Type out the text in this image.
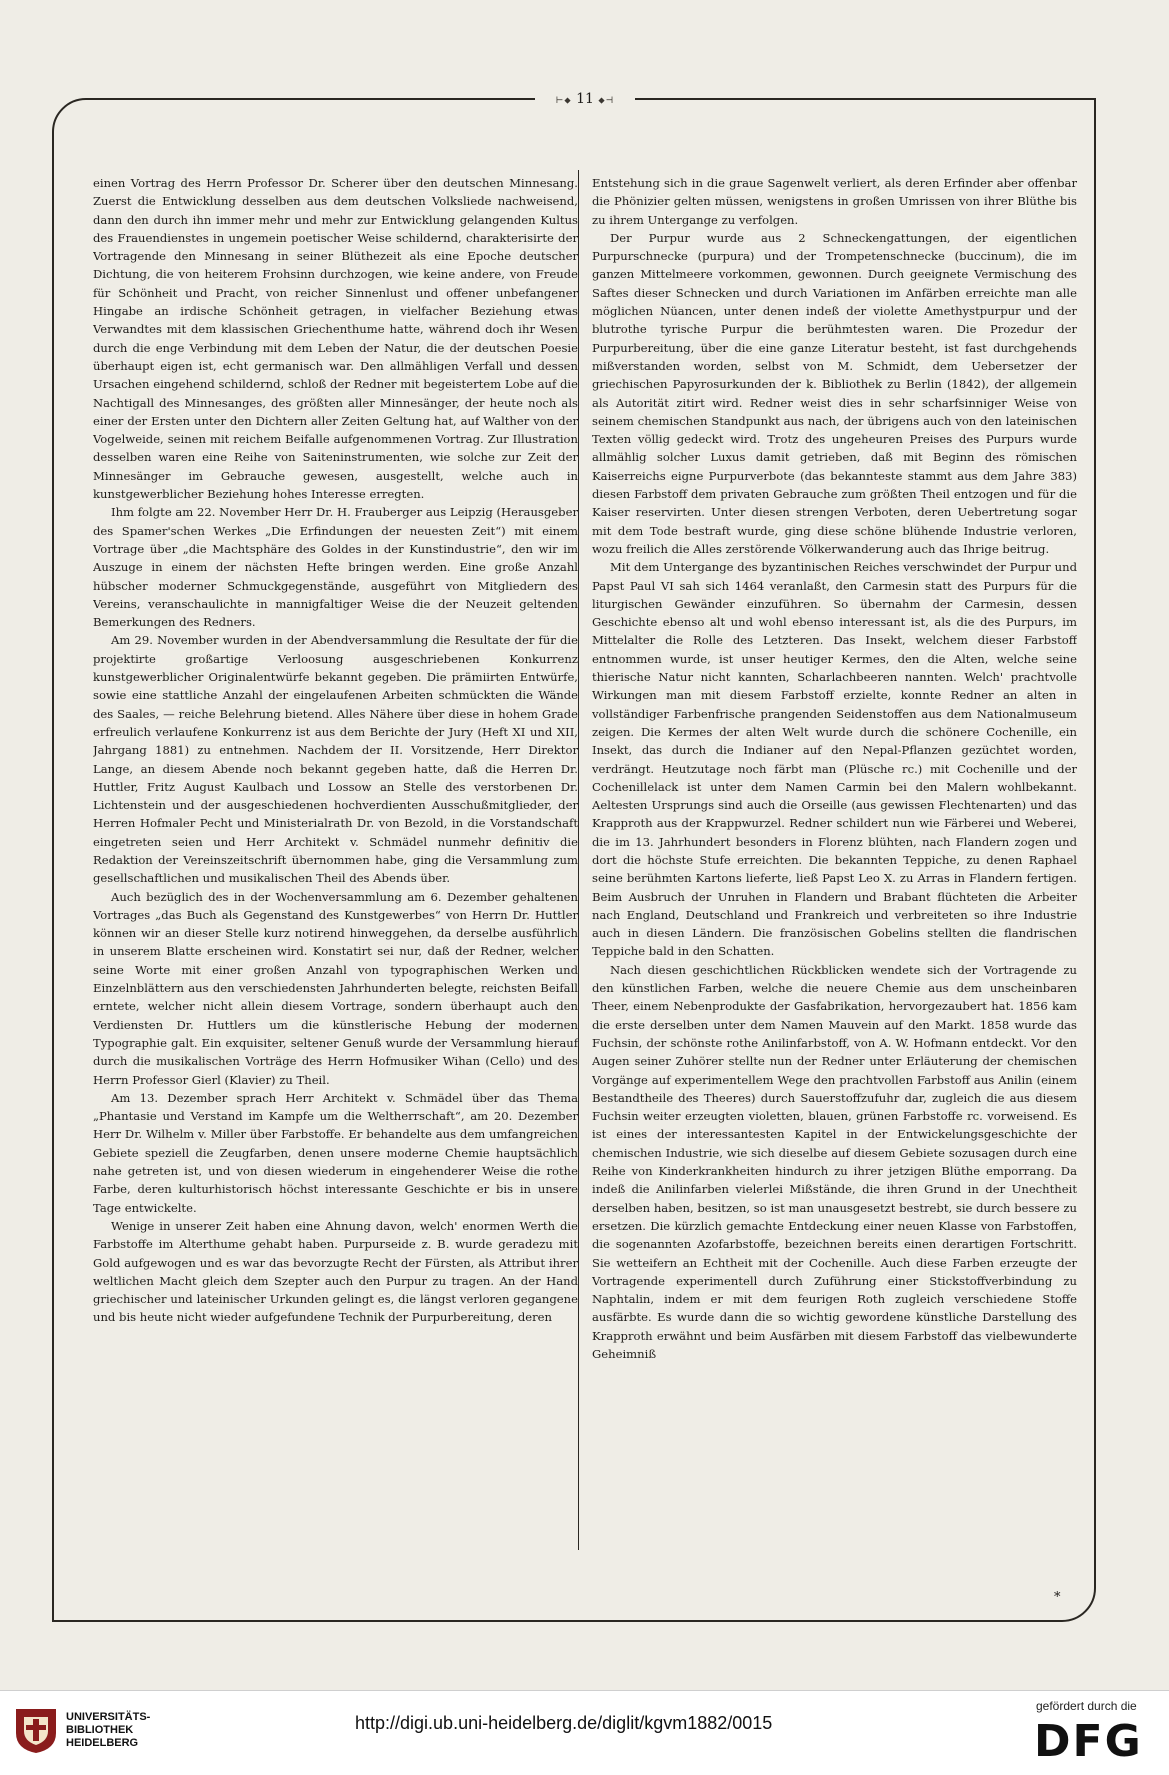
⊢⬥ 11 ⬥⊣

einen Vortrag des Herrn Professor Dr. Scherer über den deutschen Minnesang. Zuerst die Entwicklung desselben aus dem deutschen Volksliede nachweisend, dann den durch ihn immer mehr und mehr zur Entwicklung gelangenden Kultus des Frauendienstes in ungemein poetischer Weise schildernd, charakterisirte der Vortragende den Minnesang in seiner Blüthezeit als eine Epoche deutscher Dichtung, die von heiterem Frohsinn durchzogen, wie keine andere, von Freude für Schönheit und Pracht, von reicher Sinnenlust und offener unbefangener Hingabe an irdische Schönheit getragen, in vielfacher Beziehung etwas Verwandtes mit dem klassischen Griechenthume hatte, während doch ihr Wesen durch die enge Verbindung mit dem Leben der Natur, die der deutschen Poesie überhaupt eigen ist, echt germanisch war. Den allmähligen Verfall und dessen Ursachen eingehend schildernd, schloß der Redner mit begeistertem Lobe auf die Nachtigall des Minnesanges, des größten aller Minnesänger, der heute noch als einer der Ersten unter den Dichtern aller Zeiten Geltung hat, auf Walther von der Vogelweide, seinen mit reichem Beifalle aufgenommenen Vortrag. Zur Illustration desselben waren eine Reihe von Saiteninstrumenten, wie solche zur Zeit der Minnesänger im Gebrauche gewesen, ausgestellt, welche auch in kunstgewerblicher Beziehung hohes Interesse erregten.

Ihm folgte am 22. November Herr Dr. H. Frauberger aus Leipzig (Herausgeber des Spamer'schen Werkes „Die Erfindungen der neuesten Zeit“) mit einem Vortrage über „die Machtsphäre des Goldes in der Kunstindustrie“, den wir im Auszuge in einem der nächsten Hefte bringen werden. Eine große Anzahl hübscher moderner Schmuckgegenstände, ausgeführt von Mitgliedern des Vereins, veranschaulichte in mannigfaltiger Weise die der Neuzeit geltenden Bemerkungen des Redners.

Am 29. November wurden in der Abendversammlung die Resultate der für die projektirte großartige Verloosung ausgeschriebenen Konkurrenz kunstgewerblicher Originalentwürfe bekannt gegeben. Die prämiirten Entwürfe, sowie eine stattliche Anzahl der eingelaufenen Arbeiten schmückten die Wände des Saales, — reiche Belehrung bietend. Alles Nähere über diese in hohem Grade erfreulich verlaufene Konkurrenz ist aus dem Berichte der Jury (Heft XI und XII, Jahrgang 1881) zu entnehmen. Nachdem der II. Vorsitzende, Herr Direktor Lange, an diesem Abende noch bekannt gegeben hatte, daß die Herren Dr. Huttler, Fritz August Kaulbach und Lossow an Stelle des verstorbenen Dr. Lichtenstein und der ausgeschiedenen hochverdienten Ausschußmitglieder, der Herren Hofmaler Pecht und Ministerialrath Dr. von Bezold, in die Vorstandschaft eingetreten seien und Herr Architekt v. Schmädel nunmehr definitiv die Redaktion der Vereinszeitschrift übernommen habe, ging die Versammlung zum gesellschaftlichen und musikalischen Theil des Abends über.

Auch bezüglich des in der Wochenversammlung am 6. Dezember gehaltenen Vortrages „das Buch als Gegenstand des Kunstgewerbes“ von Herrn Dr. Huttler können wir an dieser Stelle kurz notirend hinweggehen, da derselbe ausführlich in unserem Blatte erscheinen wird. Konstatirt sei nur, daß der Redner, welcher seine Worte mit einer großen Anzahl von typographischen Werken und Einzelnblättern aus den verschiedensten Jahrhunderten belegte, reichsten Beifall erntete, welcher nicht allein diesem Vortrage, sondern überhaupt auch den Verdiensten Dr. Huttlers um die künstlerische Hebung der modernen Typographie galt. Ein exquisiter, seltener Genuß wurde der Versammlung hierauf durch die musikalischen Vorträge des Herrn Hofmusiker Wihan (Cello) und des Herrn Professor Gierl (Klavier) zu Theil.

Am 13. Dezember sprach Herr Architekt v. Schmädel über das Thema „Phantasie und Verstand im Kampfe um die Weltherrschaft“, am 20. Dezember Herr Dr. Wilhelm v. Miller über Farbstoffe. Er behandelte aus dem umfangreichen Gebiete speziell die Zeugfarben, denen unsere moderne Chemie hauptsächlich nahe getreten ist, und von diesen wiederum in eingehenderer Weise die rothe Farbe, deren kulturhistorisch höchst interessante Geschichte er bis in unsere Tage entwickelte.

Wenige in unserer Zeit haben eine Ahnung davon, welch' enormen Werth die Farbstoffe im Alterthume gehabt haben. Purpurseide z. B. wurde geradezu mit Gold aufgewogen und es war das bevorzugte Recht der Fürsten, als Attribut ihrer weltlichen Macht gleich dem Szepter auch den Purpur zu tragen. An der Hand griechischer und lateinischer Urkunden gelingt es, die längst verloren gegangene und bis heute nicht wieder aufgefundene Technik der Purpurbereitung, deren

Entstehung sich in die graue Sagenwelt verliert, als deren Erfinder aber offenbar die Phönizier gelten müssen, wenigstens in großen Umrissen von ihrer Blüthe bis zu ihrem Untergange zu verfolgen.

Der Purpur wurde aus 2 Schneckengattungen, der eigentlichen Purpurschnecke (purpura) und der Trompetenschnecke (buccinum), die im ganzen Mittelmeere vorkommen, gewonnen. Durch geeignete Vermischung des Saftes dieser Schnecken und durch Variationen im Anfärben erreichte man alle möglichen Nüancen, unter denen indeß der violette Amethystpurpur und der blutrothe tyrische Purpur die berühmtesten waren. Die Prozedur der Purpurbereitung, über die eine ganze Literatur besteht, ist fast durchgehends mißverstanden worden, selbst von M. Schmidt, dem Uebersetzer der griechischen Papyrosurkunden der k. Bibliothek zu Berlin (1842), der allgemein als Autorität zitirt wird. Redner weist dies in sehr scharfsinniger Weise von seinem chemischen Standpunkt aus nach, der übrigens auch von den lateinischen Texten völlig gedeckt wird. Trotz des ungeheuren Preises des Purpurs wurde allmählig solcher Luxus damit getrieben, daß mit Beginn des römischen Kaiserreichs eigne Purpurverbote (das bekannteste stammt aus dem Jahre 383) diesen Farbstoff dem privaten Gebrauche zum größten Theil entzogen und für die Kaiser reservirten. Unter diesen strengen Verboten, deren Uebertretung sogar mit dem Tode bestraft wurde, ging diese schöne blühende Industrie verloren, wozu freilich die Alles zerstörende Völkerwanderung auch das Ihrige beitrug.

Mit dem Untergange des byzantinischen Reiches verschwindet der Purpur und Papst Paul VI sah sich 1464 veranlaßt, den Carmesin statt des Purpurs für die liturgischen Gewänder einzuführen. So übernahm der Carmesin, dessen Geschichte ebenso alt und wohl ebenso interessant ist, als die des Purpurs, im Mittelalter die Rolle des Letzteren. Das Insekt, welchem dieser Farbstoff entnommen wurde, ist unser heutiger Kermes, den die Alten, welche seine thierische Natur nicht kannten, Scharlachbeeren nannten. Welch' prachtvolle Wirkungen man mit diesem Farbstoff erzielte, konnte Redner an alten in vollständiger Farbenfrische prangenden Seidenstoffen aus dem Nationalmuseum zeigen. Die Kermes der alten Welt wurde durch die schönere Cochenille, ein Insekt, das durch die Indianer auf den Nepal-Pflanzen gezüchtet worden, verdrängt. Heutzutage noch färbt man (Plüsche rc.) mit Cochenille und der Cochenillelack ist unter dem Namen Carmin bei den Malern wohlbekannt. Aeltesten Ursprungs sind auch die Orseille (aus gewissen Flechtenarten) und das Krapproth aus der Krappwurzel. Redner schildert nun wie Färberei und Weberei, die im 13. Jahrhundert besonders in Florenz blühten, nach Flandern zogen und dort die höchste Stufe erreichten. Die bekannten Teppiche, zu denen Raphael seine berühmten Kartons lieferte, ließ Papst Leo X. zu Arras in Flandern fertigen. Beim Ausbruch der Unruhen in Flandern und Brabant flüchteten die Arbeiter nach England, Deutschland und Frankreich und verbreiteten so ihre Industrie auch in diesen Ländern. Die französischen Gobelins stellten die flandrischen Teppiche bald in den Schatten.

Nach diesen geschichtlichen Rückblicken wendete sich der Vortragende zu den künstlichen Farben, welche die neuere Chemie aus dem unscheinbaren Theer, einem Nebenprodukte der Gasfabrikation, hervorgezaubert hat. 1856 kam die erste derselben unter dem Namen Mauvein auf den Markt. 1858 wurde das Fuchsin, der schönste rothe Anilinfarbstoff, von A. W. Hofmann entdeckt. Vor den Augen seiner Zuhörer stellte nun der Redner unter Erläuterung der chemischen Vorgänge auf experimentellem Wege den prachtvollen Farbstoff aus Anilin (einem Bestandtheile des Theeres) durch Sauerstoffzufuhr dar, zugleich die aus diesem Fuchsin weiter erzeugten violetten, blauen, grünen Farbstoffe rc. vorweisend. Es ist eines der interessantesten Kapitel in der Entwickelungsgeschichte der chemischen Industrie, wie sich dieselbe auf diesem Gebiete sozusagen durch eine Reihe von Kinderkrankheiten hindurch zu ihrer jetzigen Blüthe emporrang. Da indeß die Anilinfarben vielerlei Mißstände, die ihren Grund in der Unechtheit derselben haben, besitzen, so ist man unausgesetzt bestrebt, sie durch bessere zu ersetzen. Die kürzlich gemachte Entdeckung einer neuen Klasse von Farbstoffen, die sogenannten Azofarbstoffe, bezeichnen bereits einen derartigen Fortschritt. Sie wetteifern an Echtheit mit der Cochenille. Auch diese Farben erzeugte der Vortragende experimentell durch Zuführung einer Stickstoffverbindung zu Naphtalin, indem er mit dem feurigen Roth zugleich verschiedene Stoffe ausfärbte. Es wurde dann die so wichtig gewordene künstliche Darstellung des Krapproth erwähnt und beim Ausfärben mit diesem Farbstoff das vielbewunderte Geheimniß

*
UNIVERSITÄTS-
BIBLIOTHEK
HEIDELBERG
http://digi.ub.uni-heidelberg.de/diglit/kgvm1882/0015
gefördert durch die
DFG
